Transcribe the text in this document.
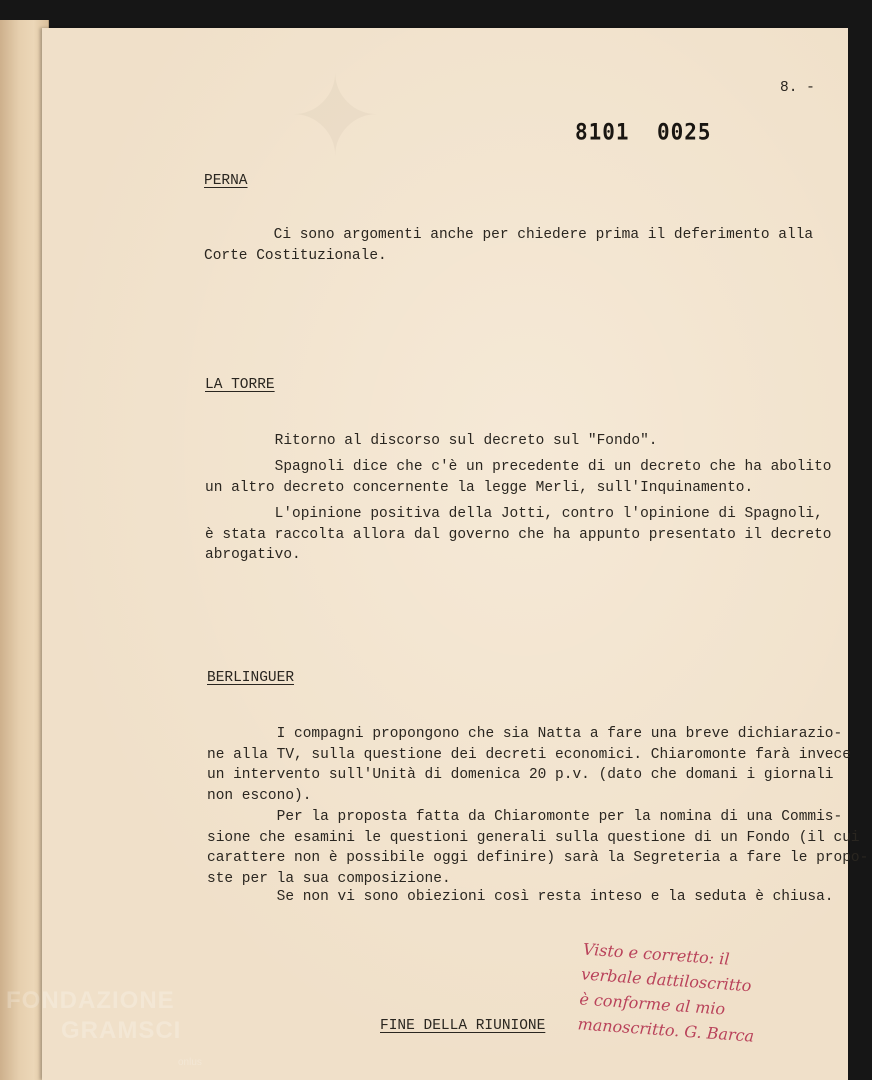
✦	8. -
8101 0025
PERNA
Ci sono argomenti anche per chiedere prima il deferimento alla
Corte Costituzionale.
LA TORRE
Ritorno al discorso sul decreto sul "Fondo".
Spagnoli dice che c'è un precedente di un decreto che ha abolito
un altro decreto concernente la legge Merli, sull'Inquinamento.
L'opinione positiva della Jotti, contro l'opinione di Spagnoli,
è stata raccolta allora dal governo che ha appunto presentato il decreto
abrogativo.
BERLINGUER
I compagni propongono che sia Natta a fare una breve dichiarazio-
ne alla TV, sulla questione dei decreti economici. Chiaromonte farà invece
un intervento sull'Unità di domenica 20 p.v. (dato che domani i giornali
non escono).
Per la proposta fatta da Chiaromonte per la nomina di una Commis-
sione che esamini le questioni generali sulla questione di un Fondo (il cui
carattere non è possibile oggi definire) sarà la Segreteria a fare le propo-
ste per la sua composizione.
Se non vi sono obiezioni così resta inteso e la seduta è chiusa.
FINE DELLA RIUNIONE
Visto e corretto: il
verbale dattiloscritto
è conforme al mio
manoscritto. G. Barca
FONDAZIONE
GRAMSCI
onlus
